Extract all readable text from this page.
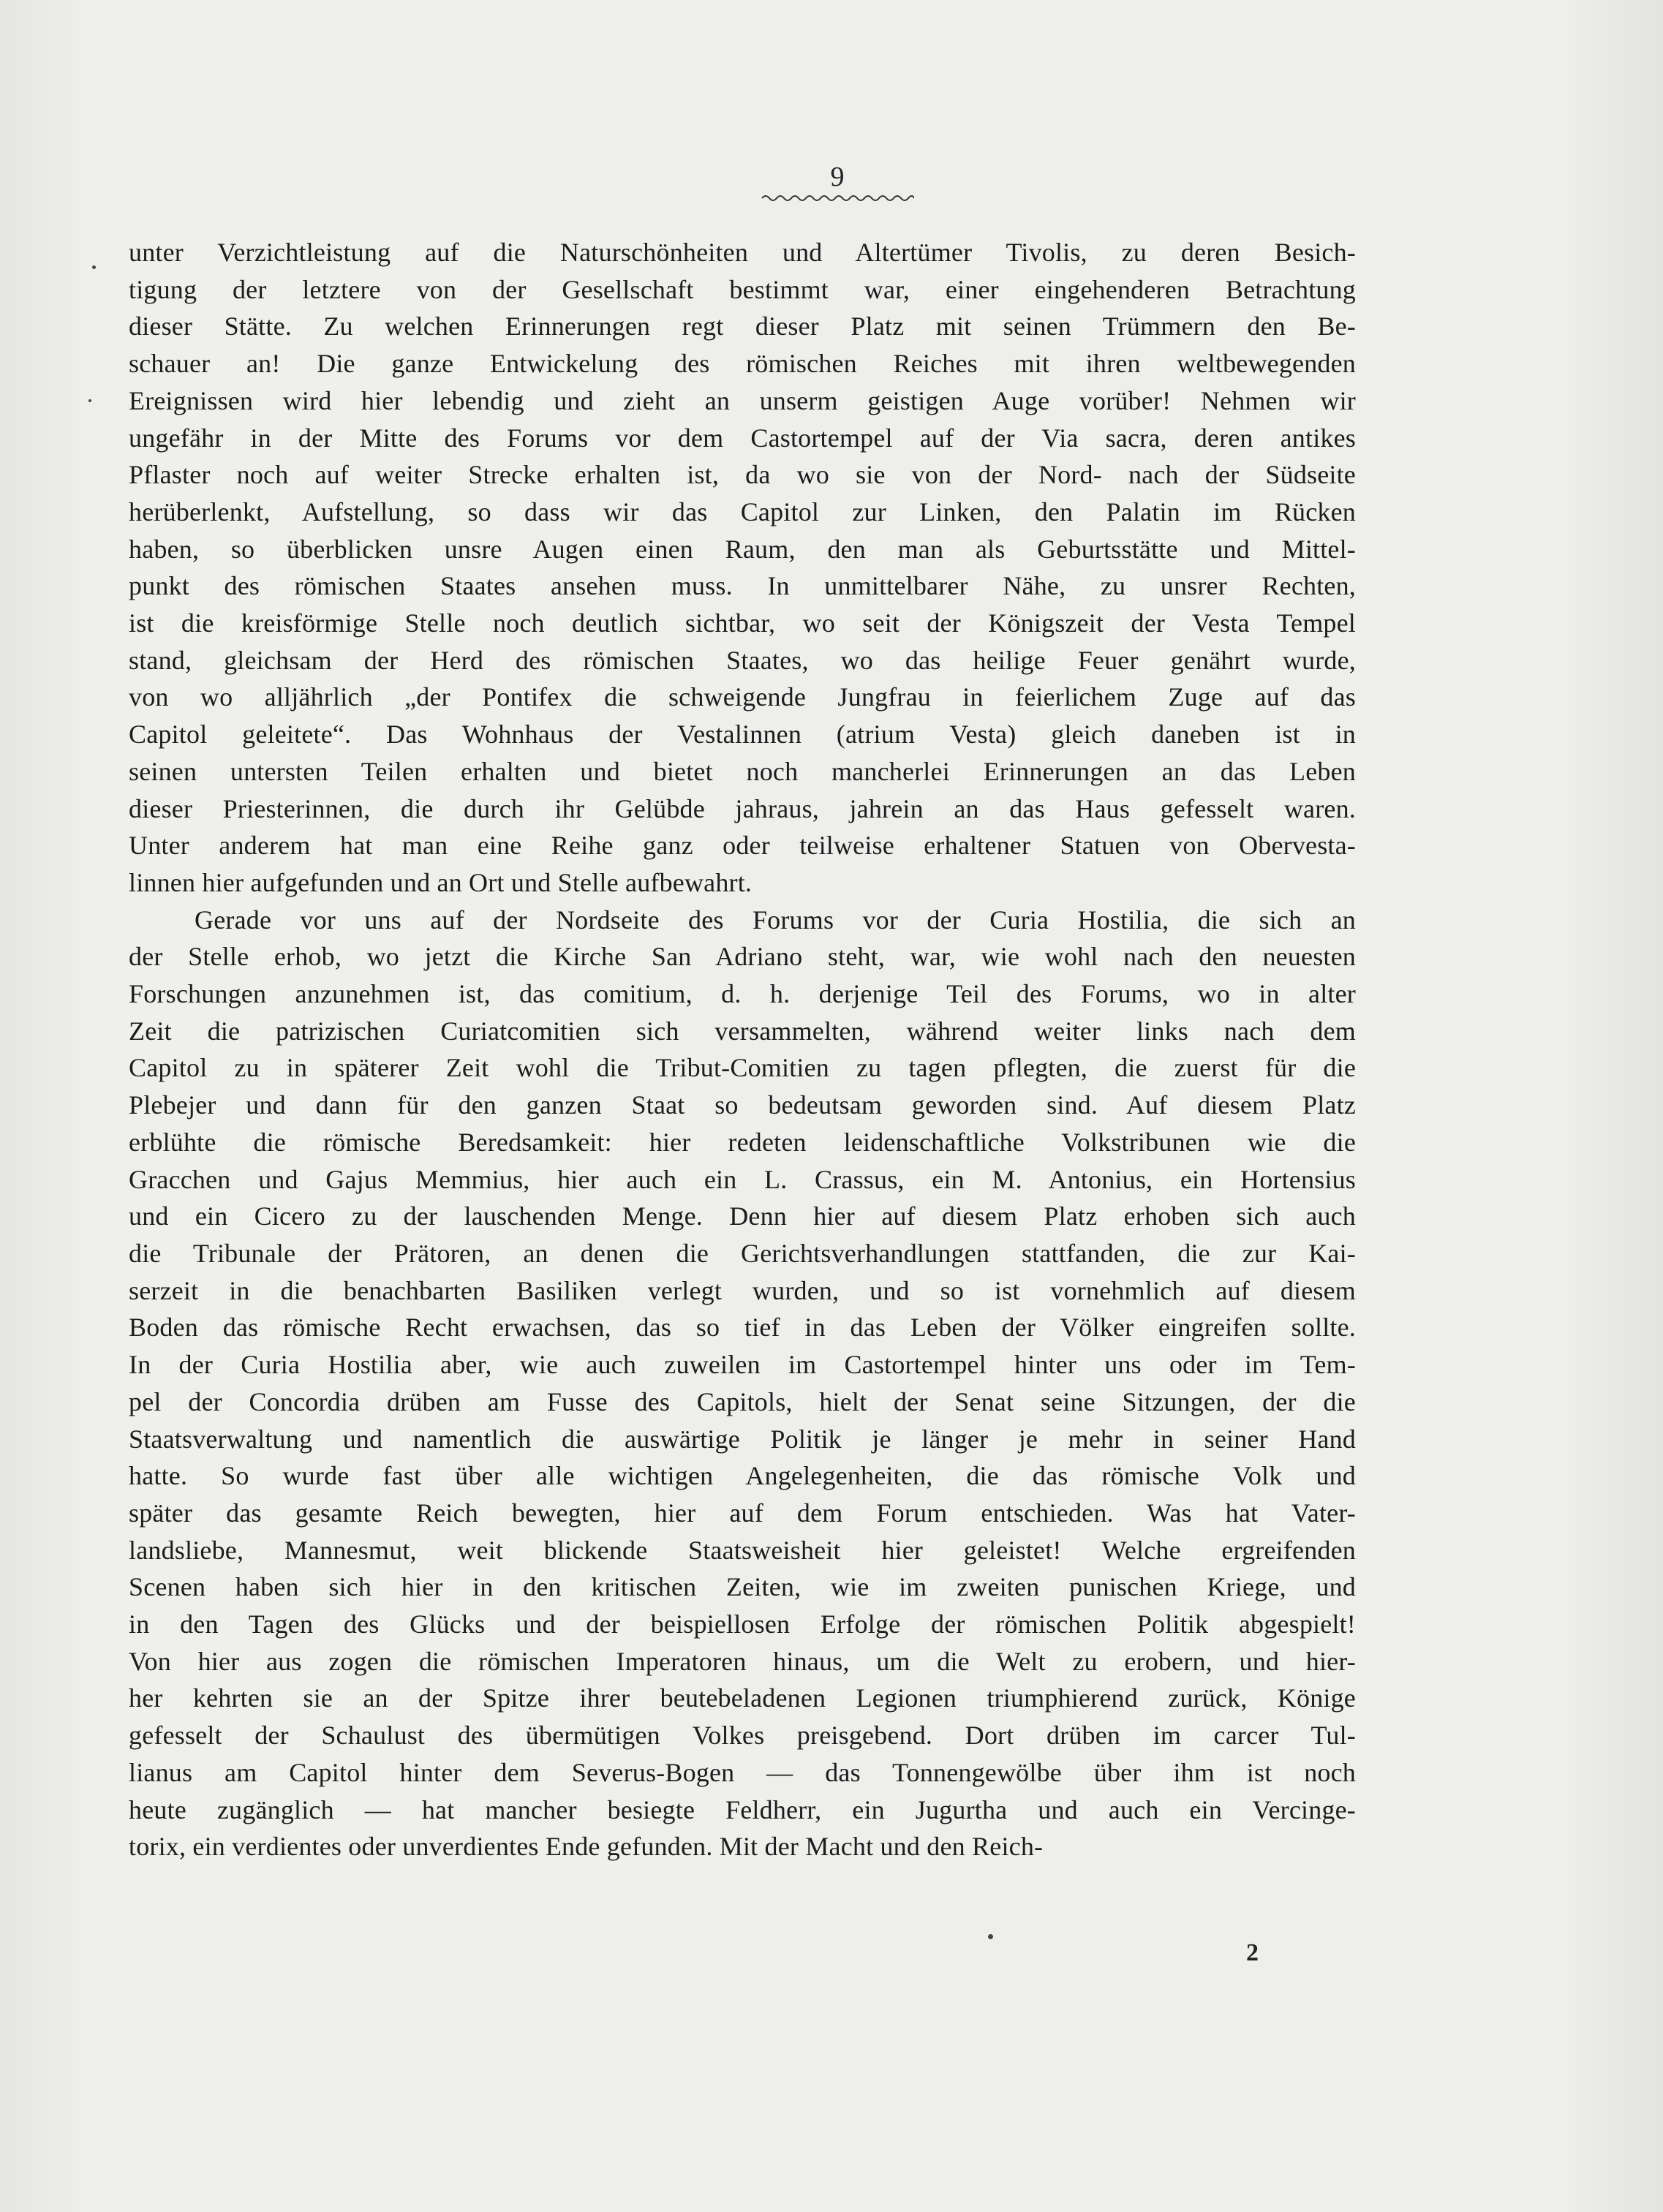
9

unter Verzichtleistung auf die Naturschönheiten und Altertümer Tivolis, zu deren Besich-
tigung der letztere von der Gesellschaft bestimmt war, einer eingehenderen Betrachtung
dieser Stätte. Zu welchen Erinnerungen regt dieser Platz mit seinen Trümmern den Be-
schauer an! Die ganze Entwickelung des römischen Reiches mit ihren weltbewegenden
Ereignissen wird hier lebendig und zieht an unserm geistigen Auge vorüber! Nehmen wir
ungefähr in der Mitte des Forums vor dem Castortempel auf der Via sacra, deren antikes
Pflaster noch auf weiter Strecke erhalten ist, da wo sie von der Nord- nach der Südseite
herüberlenkt, Aufstellung, so dass wir das Capitol zur Linken, den Palatin im Rücken
haben, so überblicken unsre Augen einen Raum, den man als Geburtsstätte und Mittel-
punkt des römischen Staates ansehen muss. In unmittelbarer Nähe, zu unsrer Rechten,
ist die kreisförmige Stelle noch deutlich sichtbar, wo seit der Königszeit der Vesta Tempel
stand, gleichsam der Herd des römischen Staates, wo das heilige Feuer genährt wurde,
von wo alljährlich „der Pontifex die schweigende Jungfrau in feierlichem Zuge auf das
Capitol geleitete“. Das Wohnhaus der Vestalinnen (atrium Vesta) gleich daneben ist in
seinen untersten Teilen erhalten und bietet noch mancherlei Erinnerungen an das Leben
dieser Priesterinnen, die durch ihr Gelübde jahraus, jahrein an das Haus gefesselt waren.
Unter anderem hat man eine Reihe ganz oder teilweise erhaltener Statuen von Obervesta-
linnen hier aufgefunden und an Ort und Stelle aufbewahrt.

Gerade vor uns auf der Nordseite des Forums vor der Curia Hostilia, die sich an
der Stelle erhob, wo jetzt die Kirche San Adriano steht, war, wie wohl nach den neuesten
Forschungen anzunehmen ist, das comitium, d. h. derjenige Teil des Forums, wo in alter
Zeit die patrizischen Curiatcomitien sich versammelten, während weiter links nach dem
Capitol zu in späterer Zeit wohl die Tribut-Comitien zu tagen pflegten, die zuerst für die
Plebejer und dann für den ganzen Staat so bedeutsam geworden sind. Auf diesem Platz
erblühte die römische Beredsamkeit: hier redeten leidenschaftliche Volkstribunen wie die
Gracchen und Gajus Memmius, hier auch ein L. Crassus, ein M. Antonius, ein Hortensius
und ein Cicero zu der lauschenden Menge. Denn hier auf diesem Platz erhoben sich auch
die Tribunale der Prätoren, an denen die Gerichtsverhandlungen stattfanden, die zur Kai-
serzeit in die benachbarten Basiliken verlegt wurden, und so ist vornehmlich auf diesem
Boden das römische Recht erwachsen, das so tief in das Leben der Völker eingreifen sollte.
In der Curia Hostilia aber, wie auch zuweilen im Castortempel hinter uns oder im Tem-
pel der Concordia drüben am Fusse des Capitols, hielt der Senat seine Sitzungen, der die
Staatsverwaltung und namentlich die auswärtige Politik je länger je mehr in seiner Hand
hatte. So wurde fast über alle wichtigen Angelegenheiten, die das römische Volk und
später das gesamte Reich bewegten, hier auf dem Forum entschieden. Was hat Vater-
landsliebe, Mannesmut, weit blickende Staatsweisheit hier geleistet! Welche ergreifenden
Scenen haben sich hier in den kritischen Zeiten, wie im zweiten punischen Kriege, und
in den Tagen des Glücks und der beispiellosen Erfolge der römischen Politik abgespielt!
Von hier aus zogen die römischen Imperatoren hinaus, um die Welt zu erobern, und hier-
her kehrten sie an der Spitze ihrer beutebeladenen Legionen triumphierend zurück, Könige
gefesselt der Schaulust des übermütigen Volkes preisgebend. Dort drüben im carcer Tul-
lianus am Capitol hinter dem Severus-Bogen — das Tonnengewölbe über ihm ist noch
heute zugänglich — hat mancher besiegte Feldherr, ein Jugurtha und auch ein Vercinge-
torix, ein verdientes oder unverdientes Ende gefunden. Mit der Macht und den Reich-

2
